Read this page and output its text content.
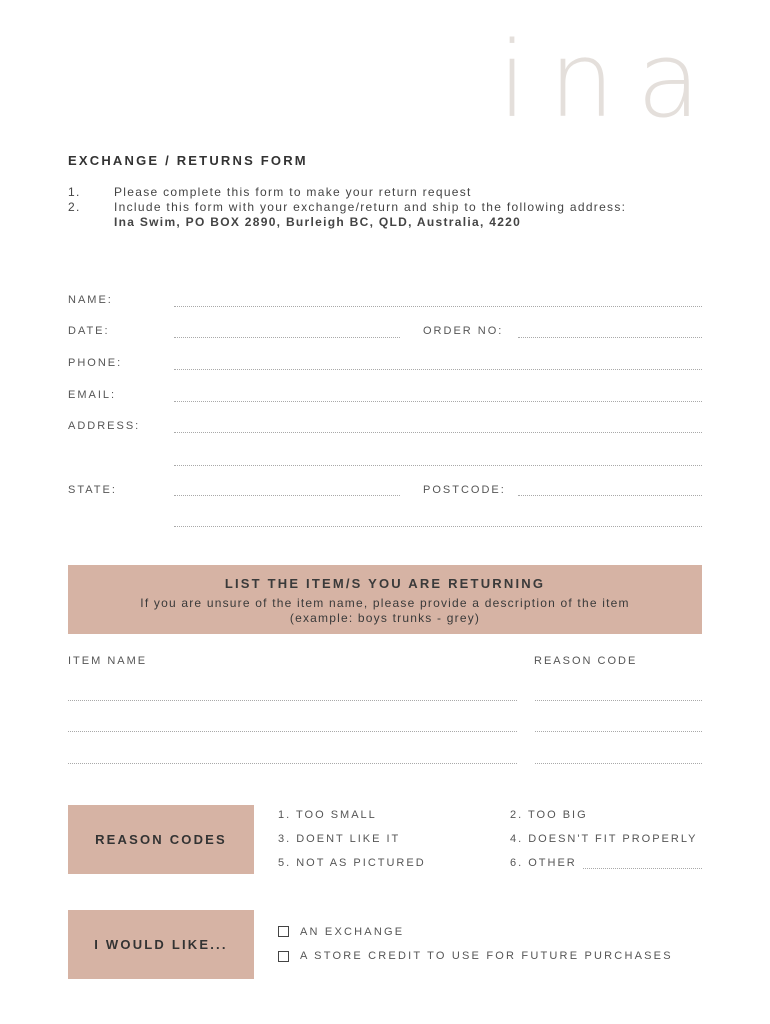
ina
EXCHANGE / RETURNS FORM
1.	Please complete this form to make your return request
2.	Include this form with your exchange/return and ship to the following address:
Ina Swim, PO BOX 2890, Burleigh BC, QLD, Australia, 4220
NAME:
DATE:	ORDER NO:
PHONE:
EMAIL:
ADDRESS:
STATE:	POSTCODE:
LIST THE ITEM/S YOU ARE RETURNING
If you are unsure of the item name, please provide a description of the item
(example: boys trunks - grey)
ITEM NAME	REASON CODE
REASON CODES
1. TOO SMALL	2. TOO BIG
3. DOENT LIKE IT	4. DOESN'T FIT PROPERLY
5. NOT AS PICTURED	6. OTHER
I WOULD LIKE...
AN EXCHANGE
A STORE CREDIT TO USE FOR FUTURE PURCHASES
